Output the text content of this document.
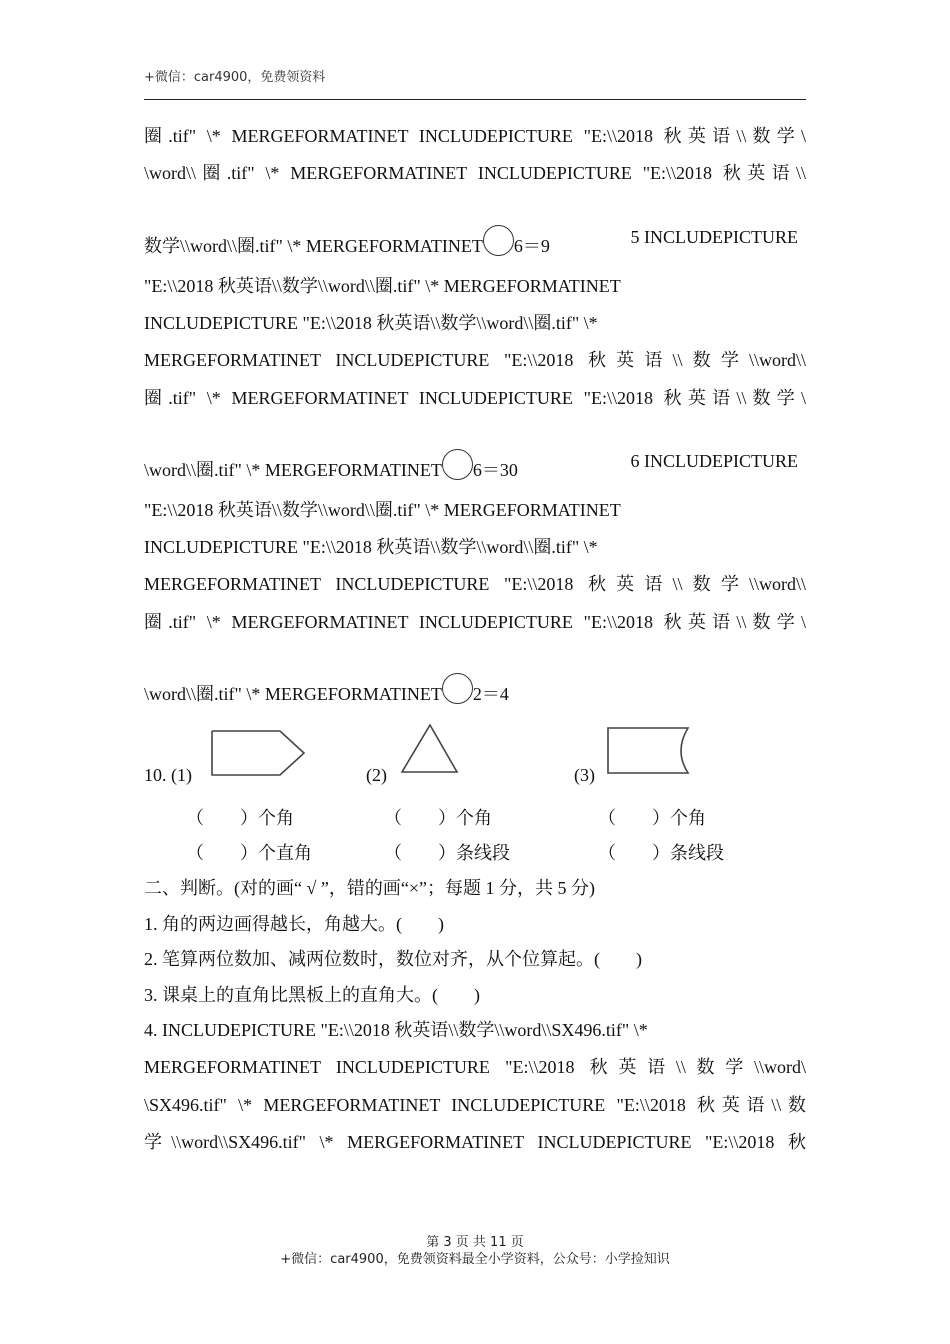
+微信：car4900，免费领资料
圈.tif" \* MERGEFORMATINET INCLUDEPICTURE "E:\\2018 秋英语\\数学\
\word\\圈.tif" \* MERGEFORMATINET INCLUDEPICTURE "E:\\2018 秋英语\\
数学\\word\\圈.tif" \* MERGEFORMATINET 6＝9	5 INCLUDEPICTURE
"E:\\2018 秋英语\\数学\\word\\圈.tif" \* MERGEFORMATINET
INCLUDEPICTURE "E:\\2018 秋英语\\数学\\word\\圈.tif" \*
MERGEFORMATINET INCLUDEPICTURE "E:\\2018 秋英语\\数学\\word\\
圈.tif" \* MERGEFORMATINET INCLUDEPICTURE "E:\\2018 秋英语\\数学\
\word\\圈.tif" \* MERGEFORMATINET 6＝30	6 INCLUDEPICTURE
"E:\\2018 秋英语\\数学\\word\\圈.tif" \* MERGEFORMATINET
INCLUDEPICTURE "E:\\2018 秋英语\\数学\\word\\圈.tif" \*
MERGEFORMATINET INCLUDEPICTURE "E:\\2018 秋英语\\数学\\word\\
圈.tif" \* MERGEFORMATINET INCLUDEPICTURE "E:\\2018 秋英语\\数学\
\word\\圈.tif" \* MERGEFORMATINET 2＝4
10. (1)	(2)	(3)
（　　）个角	（　　）个角	（　　）个角
（　　）个直角	（　　）条线段	（　　）条线段
二、判断。(对的画“ √ ”，错的画“×”；每题 1 分，共 5 分)
1. 角的两边画得越长，角越大。(　　)
2. 笔算两位数加、减两位数时，数位对齐，从个位算起。(　　)
3. 课桌上的直角比黑板上的直角大。(　　)
4. INCLUDEPICTURE "E:\\2018 秋英语\\数学\\word\\SX496.tif" \*
MERGEFORMATINET INCLUDEPICTURE "E:\\2018 秋英语\\数学\\word\
\SX496.tif" \* MERGEFORMATINET INCLUDEPICTURE "E:\\2018 秋英语\\数
学\\word\\SX496.tif" \* MERGEFORMATINET INCLUDEPICTURE "E:\\2018 秋
第 3 页 共 11 页
+微信：car4900，免费领资料最全小学资料，公众号：小学捡知识
